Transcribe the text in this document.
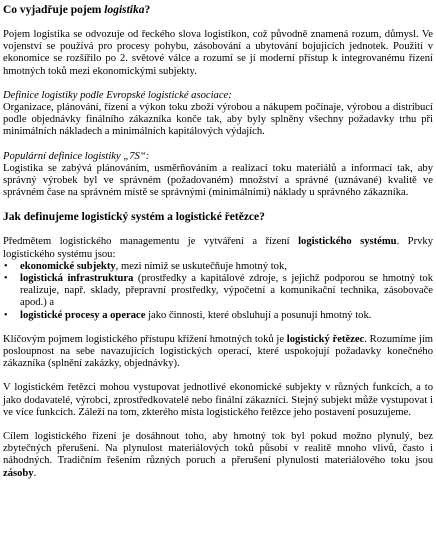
Co vyjadřuje pojem logistika?

Pojem logistika se odvozuje od řeckého slova logistikon, což původně znamená rozum, důmysl. Ve vojenství se používá pro procesy pohybu, zásobování a ubytování bojujících jednotek. Použití v ekonomice se rozšířilo po 2. světové válce a rozumí se jí moderní přístup k integrovanému řízení hmotných toků mezi ekonomickými subjekty.

Definice logistiky podle Evropské logistické asociace:

Organizace, plánování, řízení a výkon toku zboží výrobou a nákupem počínaje, výrobou a distribucí podle objednávky finálního zákazníka konče tak, aby byly splněny všechny požadavky trhu při minimálních nákladech a minimálních kapitálových výdajích.

Populární definice logistiky „7S“:

Logistika se zabývá plánováním, usměrňováním a realizací toku materiálů a informací tak, aby správný výrobek byl ve správném (požadovaném) množství a správné (uznávané) kvalitě ve správném čase na správném místě se správnými (minimálními) náklady u správného zákazníka.

Jak definujeme logistický systém a logistické řetězce?

Předmětem logistického managementu je vytváření a řízení logistického systému. Prvky logistického systému jsou:

• ekonomické subjekty, mezi nimiž se uskutečňuje hmotný tok,
• logistická infrastruktura (prostředky a kapitálové zdroje, s jejichž podporou se hmotný tok realizuje, např. sklady, přepravní prostředky, výpočetní a komunikační technika, zásobovače apod.) a
• logistické procesy a operace jako činnosti, které obsluhují a posunují hmotný tok.

Klíčovým pojmem logistického přístupu křížení hmotných toků je logistický řetězec. Rozumíme jím posloupnost na sebe navazujících logistických operací, které uspokojují požadavky konečného zákazníka (splnění zakázky, objednávky).

V logistickém řetězci mohou vystupovat jednotlivé ekonomické subjekty v různých funkcích, a to jako dodavatelé, výrobci, zprostředkovatelé nebo finální zákazníci. Stejný subjekt může vystupovat i ve více funkcích. Záleží na tom, zkterého místa logistického řetězce jeho postavení posuzujeme.

Cílem logistického řízení je dosáhnout toho, aby hmotný tok byl pokud možno plynulý, bez zbytečných přerušení. Na plynulost materiálových toků působí v realitě mnoho vlivů, často i náhodných. Tradičním řešením různých poruch a přerušení plynulosti materiálového toku jsou zásoby.
